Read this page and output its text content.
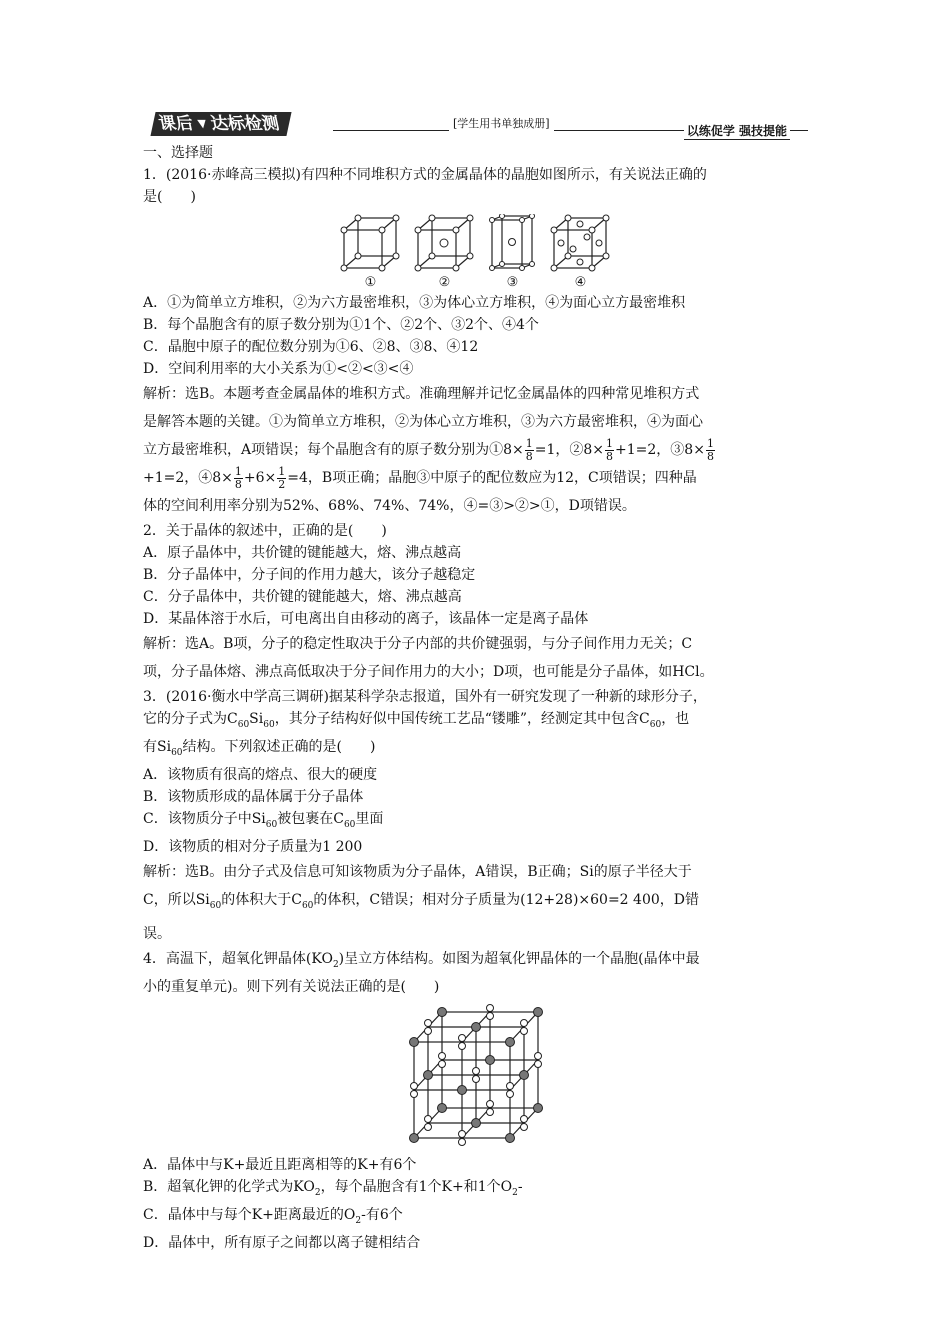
课后▼达标检测	[学生用书单独成册]
以练促学 强技提能

一、选择题

1．(2016·赤峰高三模拟)有四种不同堆积方式的金属晶体的晶胞如图所示，有关说法正确的

是(　　)

①	②	③	④

A．①为简单立方堆积，②为六方最密堆积，③为体心立方堆积，④为面心立方最密堆积

B．每个晶胞含有的原子数分别为①1个、②2个、③2个、④4个

C．晶胞中原子的配位数分别为①6、②8、③8、④12

D．空间利用率的大小关系为①<②<③<④

解析：选B。本题考查金属晶体的堆积方式。准确理解并记忆金属晶体的四种常见堆积方式

是解答本题的关键。①为简单立方堆积，②为体心立方堆积，③为六方最密堆积，④为面心

立方最密堆积，A项错误；每个晶胞含有的原子数分别为①8× $\frac{1}{8} =1$，②8× $\frac{1}{8} +1=2$，③8× $\frac{1}{8}$

+1=2，④8× $\frac{1}{8} +6\times \frac{1}{2} =4$，B项正确；晶胞③中原子的配位数应为12，C项错误；四种晶

体的空间利用率分别为52%、68%、74%、74%，④=③>②>①，D项错误。

2．关于晶体的叙述中，正确的是(　　)

A．原子晶体中，共价键的键能越大，熔、沸点越高

B．分子晶体中，分子间的作用力越大，该分子越稳定

C．分子晶体中，共价键的键能越大，熔、沸点越高

D．某晶体溶于水后，可电离出自由移动的离子，该晶体一定是离子晶体

解析：选A。B项，分子的稳定性取决于分子内部的共价键强弱，与分子间作用力无关；C

项，分子晶体熔、沸点高低取决于分子间作用力的大小；D项，也可能是分子晶体，如HCl。

3．(2016·衡水中学高三调研)据某科学杂志报道，国外有一研究发现了一种新的球形分子，

它的分子式为$C_{60}Si_{60}$，其分子结构好似中国传统工艺品“镂雕”，经测定其中包含$C_{60}$，也

有$Si_{60}$结构。下列叙述正确的是(　　)

A．该物质有很高的熔点、很大的硬度

B．该物质形成的晶体属于分子晶体

C．该物质分子中$Si_{60}$被包裹在$C_{60}$里面

D．该物质的相对分子质量为1 200

解析：选B。由分子式及信息可知该物质为分子晶体，A错误，B正确；Si的原子半径大于

C，所以$Si_{60}$的体积大于$C_{60}$的体积，C错误；相对分子质量为(12+28)×60=2 400，D错

误。

4．高温下，超氧化钾晶体$(KO_2)$呈立方体结构。如图为超氧化钾晶体的一个晶胞(晶体中最

小的重复单元)。则下列有关说法正确的是(　　)

A．晶体中与K+最近且距离相等的K+有6个

B．超氧化钾的化学式为$KO_2$，每个晶胞含有1个K+和1个$O_2-$

C．晶体中与每个K+距离最近的$O_2-$有6个

D．晶体中，所有原子之间都以离子键相结合
